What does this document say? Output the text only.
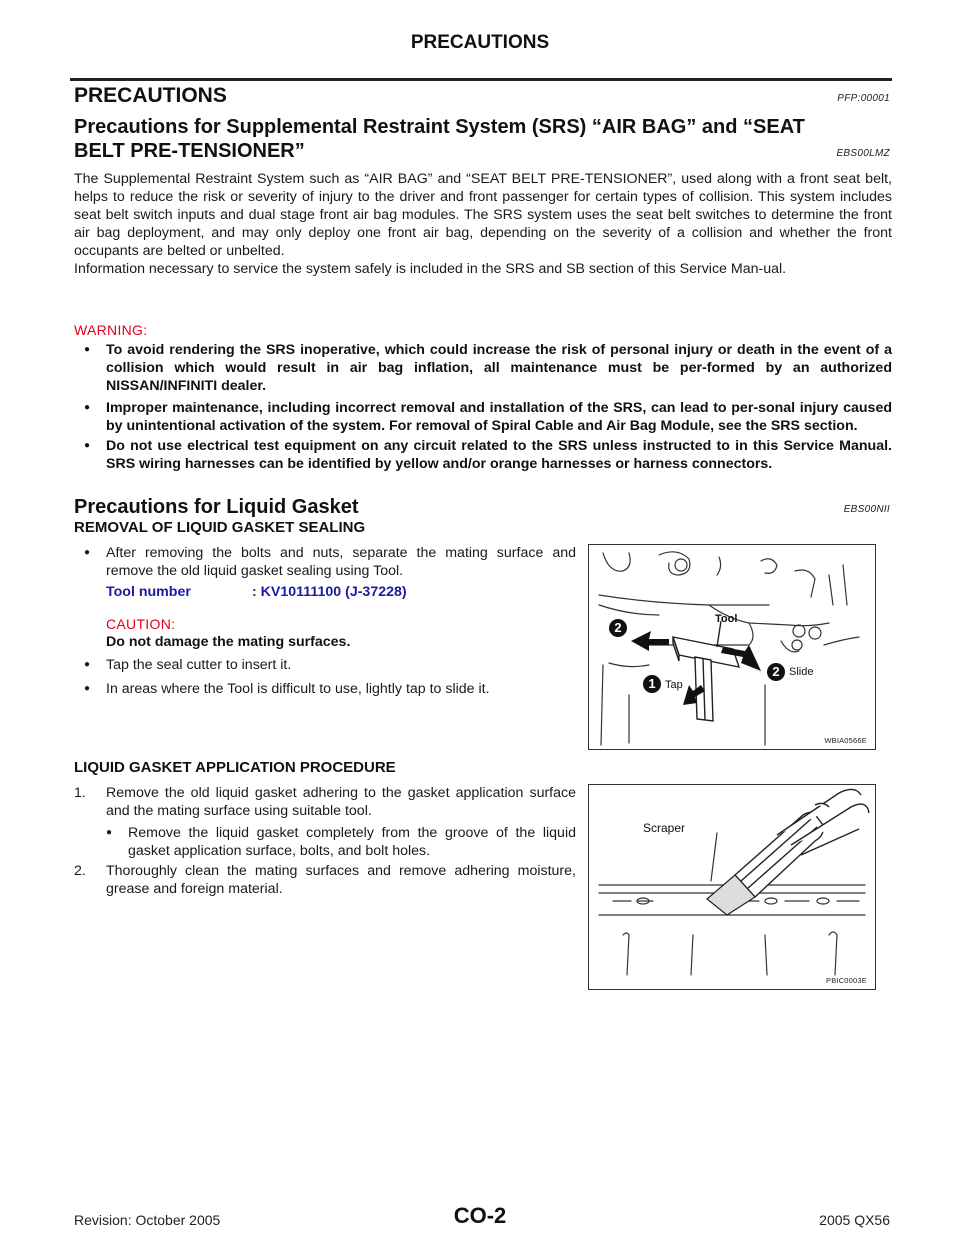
PRECAUTIONS
PRECAUTIONS	PFP:00001
Precautions for Supplemental Restraint System (SRS) “AIR BAG” and “SEAT
BELT PRE-TENSIONER”	EBS00LMZ

The Supplemental Restraint System such as “AIR BAG” and “SEAT BELT PRE-TENSIONER”, used along with a front seat belt, helps to reduce the risk or severity of injury to the driver and front passenger for certain types of collision. This system includes seat belt switch inputs and dual stage front air bag modules. The SRS system uses the seat belt switches to determine the front air bag deployment, and may only deploy one front air bag, depending on the severity of a collision and whether the front occupants are belted or unbelted.

Information necessary to service the system safely is included in the SRS and SB section of this Service Man-ual.

WARNING:
● To avoid rendering the SRS inoperative, which could increase the risk of personal injury or death in the event of a collision which would result in air bag inflation, all maintenance must be per-formed by an authorized NISSAN/INFINITI dealer.
● Improper maintenance, including incorrect removal and installation of the SRS, can lead to per-sonal injury caused by unintentional activation of the system. For removal of Spiral Cable and Air Bag Module, see the SRS section.
● Do not use electrical test equipment on any circuit related to the SRS unless instructed to in this Service Manual. SRS wiring harnesses can be identified by yellow and/or orange harnesses or harness connectors.
Precautions for Liquid Gasket	EBS00NII
REMOVAL OF LIQUID GASKET SEALING
● After removing the bolts and nuts, separate the mating surface and remove the old liquid gasket sealing using Tool.
Tool number	: KV10111100 (J-37228)
CAUTION:
Do not damage the mating surfaces.
● Tap the seal cutter to insert it.
● In areas where the Tool is difficult to use, lightly tap to slide it.
2
2
1
Tool
Slide
Tap
WBIA0566E
LIQUID GASKET APPLICATION PROCEDURE
1. Remove the old liquid gasket adhering to the gasket application surface and the mating surface using suitable tool.
● Remove the liquid gasket completely from the groove of the liquid gasket application surface, bolts, and bolt holes.
2. Thoroughly clean the mating surfaces and remove adhering moisture, grease and foreign material.
Scraper
PBIC0003E
Revision: October 2005	CO-2	2005 QX56
